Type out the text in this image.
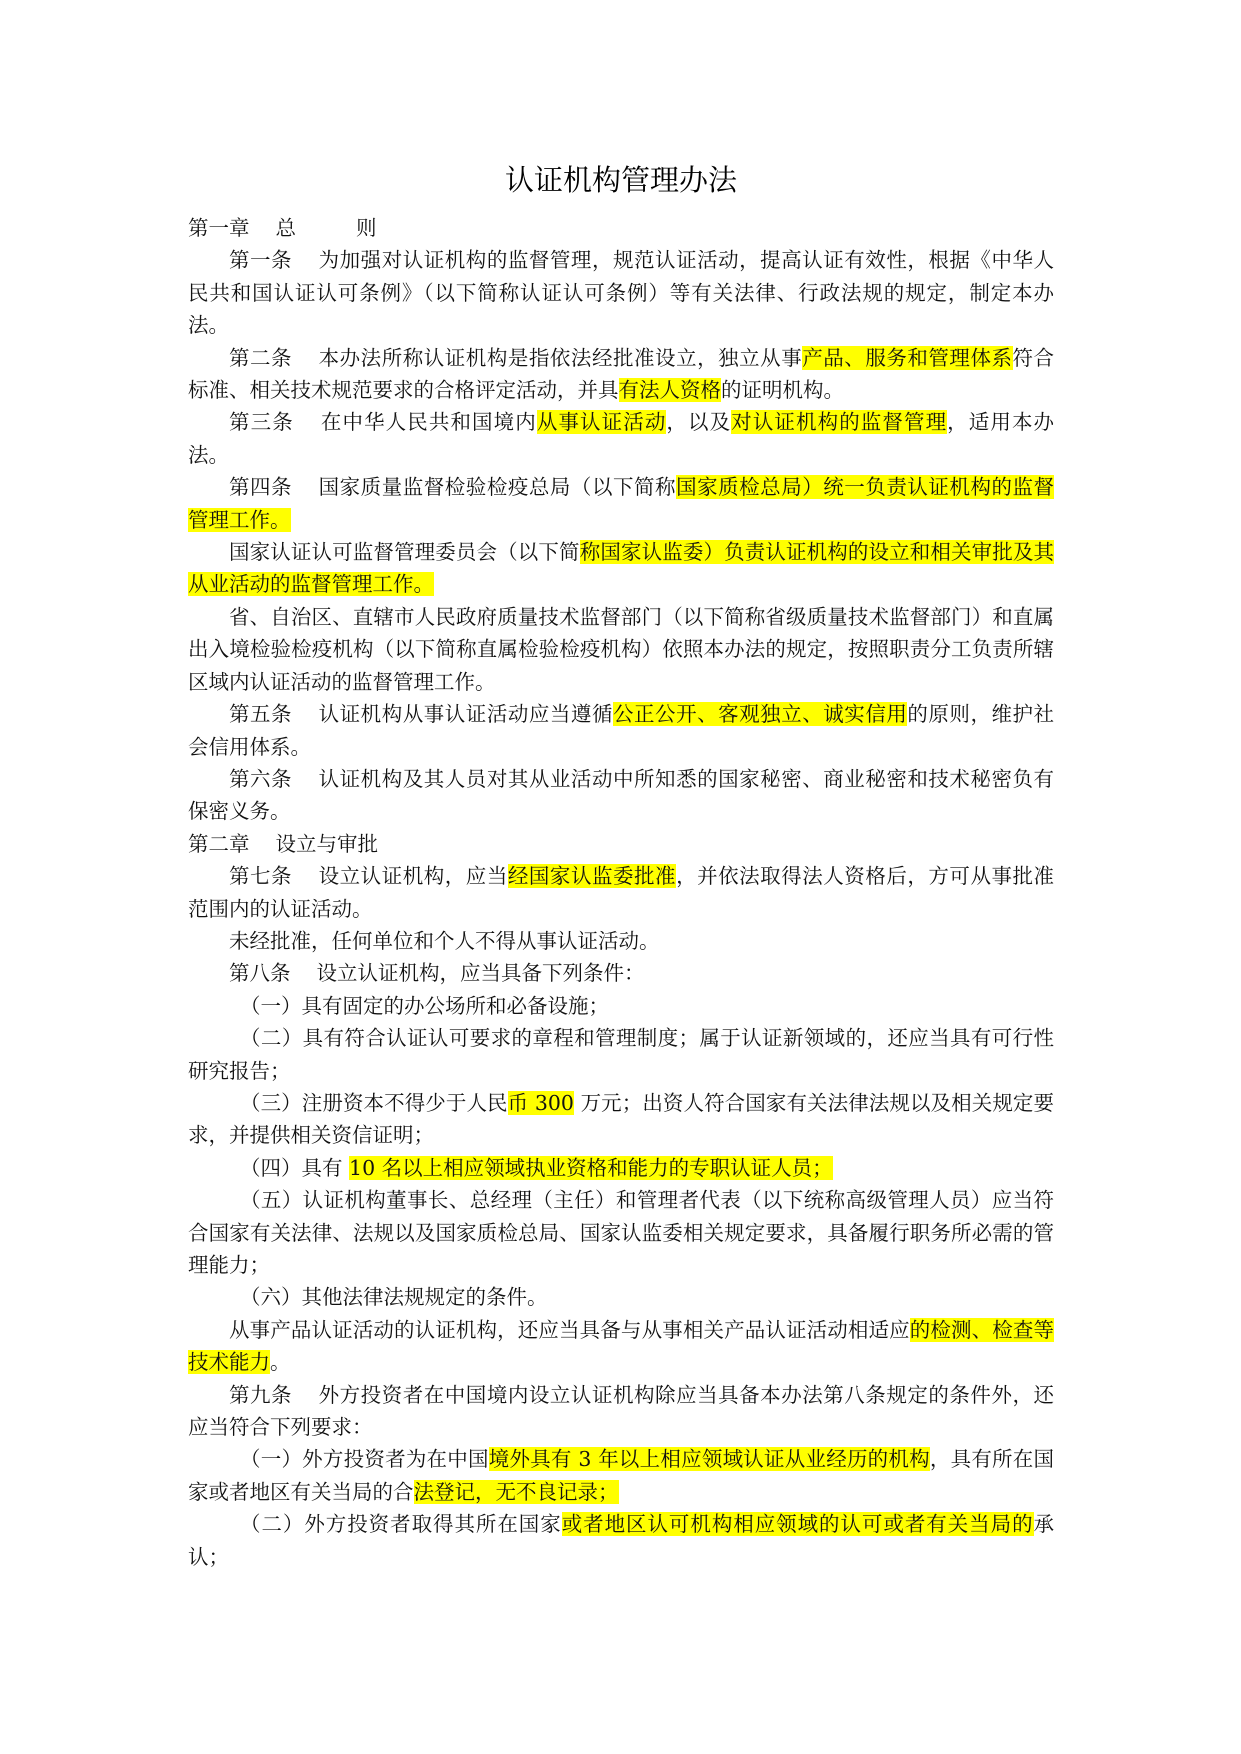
认证机构管理办法

第一章 总	则

第一条 为加强对认证机构的监督管理，规范认证活动，提高认证有效性，根据《中华人民共和国认证认可条例》（以下简称认证认可条例）等有关法律、行政法规的规定，制定本办法。

第二条 本办法所称认证机构是指依法经批准设立，独立从事产品、服务和管理体系符合标准、相关技术规范要求的合格评定活动，并具有法人资格的证明机构。

第三条 在中华人民共和国境内从事认证活动，以及对认证机构的监督管理，适用本办法。

第四条 国家质量监督检验检疫总局（以下简称国家质检总局）统一负责认证机构的监督管理工作。

国家认证认可监督管理委员会（以下简称国家认监委）负责认证机构的设立和相关审批及其从业活动的监督管理工作。

省、自治区、直辖市人民政府质量技术监督部门（以下简称省级质量技术监督部门）和直属出入境检验检疫机构（以下简称直属检验检疫机构）依照本办法的规定，按照职责分工负责所辖区域内认证活动的监督管理工作。

第五条 认证机构从事认证活动应当遵循公正公开、客观独立、诚实信用的原则，维护社会信用体系。

第六条 认证机构及其人员对其从业活动中所知悉的国家秘密、商业秘密和技术秘密负有保密义务。

第二章 设立与审批

第七条 设立认证机构，应当经国家认监委批准，并依法取得法人资格后，方可从事批准范围内的认证活动。

未经批准，任何单位和个人不得从事认证活动。

第八条 设立认证机构，应当具备下列条件：

（一）具有固定的办公场所和必备设施；

（二）具有符合认证认可要求的章程和管理制度；属于认证新领域的，还应当具有可行性研究报告；

（三）注册资本不得少于人民币 300 万元；出资人符合国家有关法律法规以及相关规定要求，并提供相关资信证明；

（四）具有 10 名以上相应领域执业资格和能力的专职认证人员；

（五）认证机构董事长、总经理（主任）和管理者代表（以下统称高级管理人员）应当符合国家有关法律、法规以及国家质检总局、国家认监委相关规定要求，具备履行职务所必需的管理能力；

（六）其他法律法规规定的条件。

从事产品认证活动的认证机构，还应当具备与从事相关产品认证活动相适应的检测、检查等技术能力。

第九条 外方投资者在中国境内设立认证机构除应当具备本办法第八条规定的条件外，还应当符合下列要求：

（一）外方投资者为在中国境外具有 3 年以上相应领域认证从业经历的机构，具有所在国家或者地区有关当局的合法登记，无不良记录；

（二）外方投资者取得其所在国家或者地区认可机构相应领域的认可或者有关当局的承认；
